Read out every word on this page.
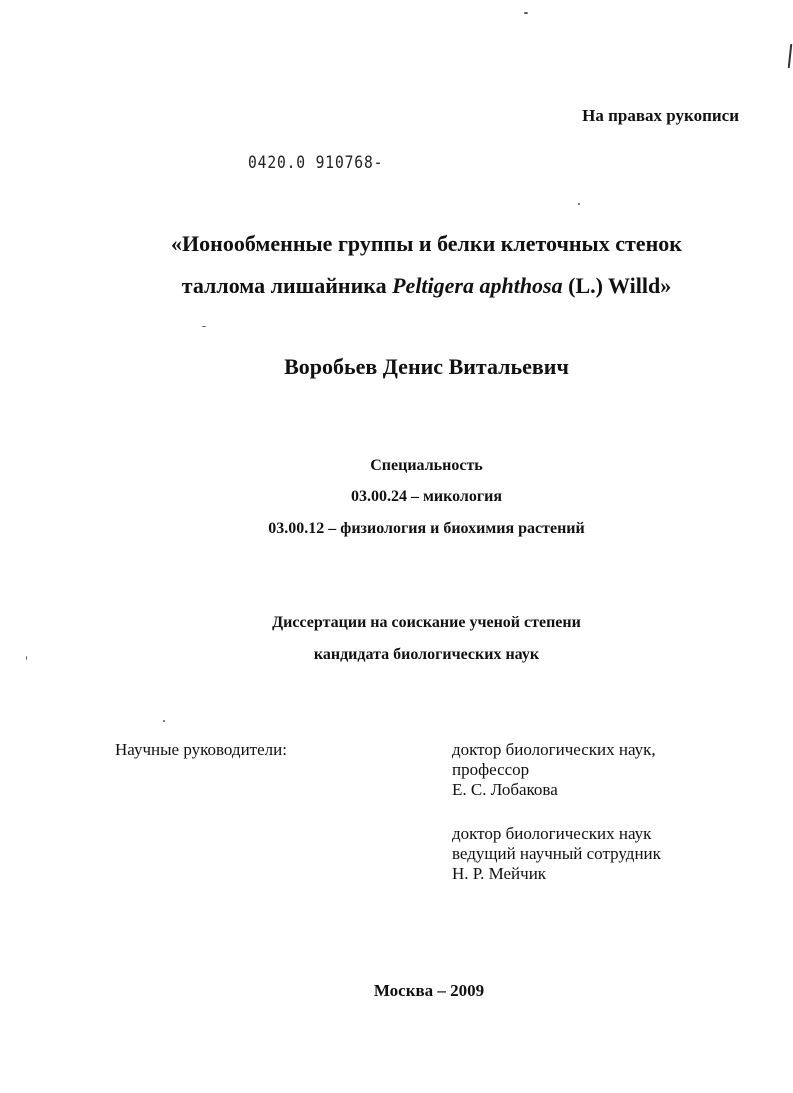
На правах рукописи
0420.0 910768-
«Ионообменные группы и белки клеточных стенок
таллома лишайника Peltigera aphthosa (L.) Willd»
Воробьев Денис Витальевич
Специальность
03.00.24 – микология
03.00.12 – физиология и биохимия растений
Диссертации на соискание ученой степени
кандидата биологических наук
Научные руководители:	доктор биологических наук,
профессор
Е. С. Лобакова
доктор биологических наук
ведущий научный сотрудник
Н. Р. Мейчик
Москва – 2009
